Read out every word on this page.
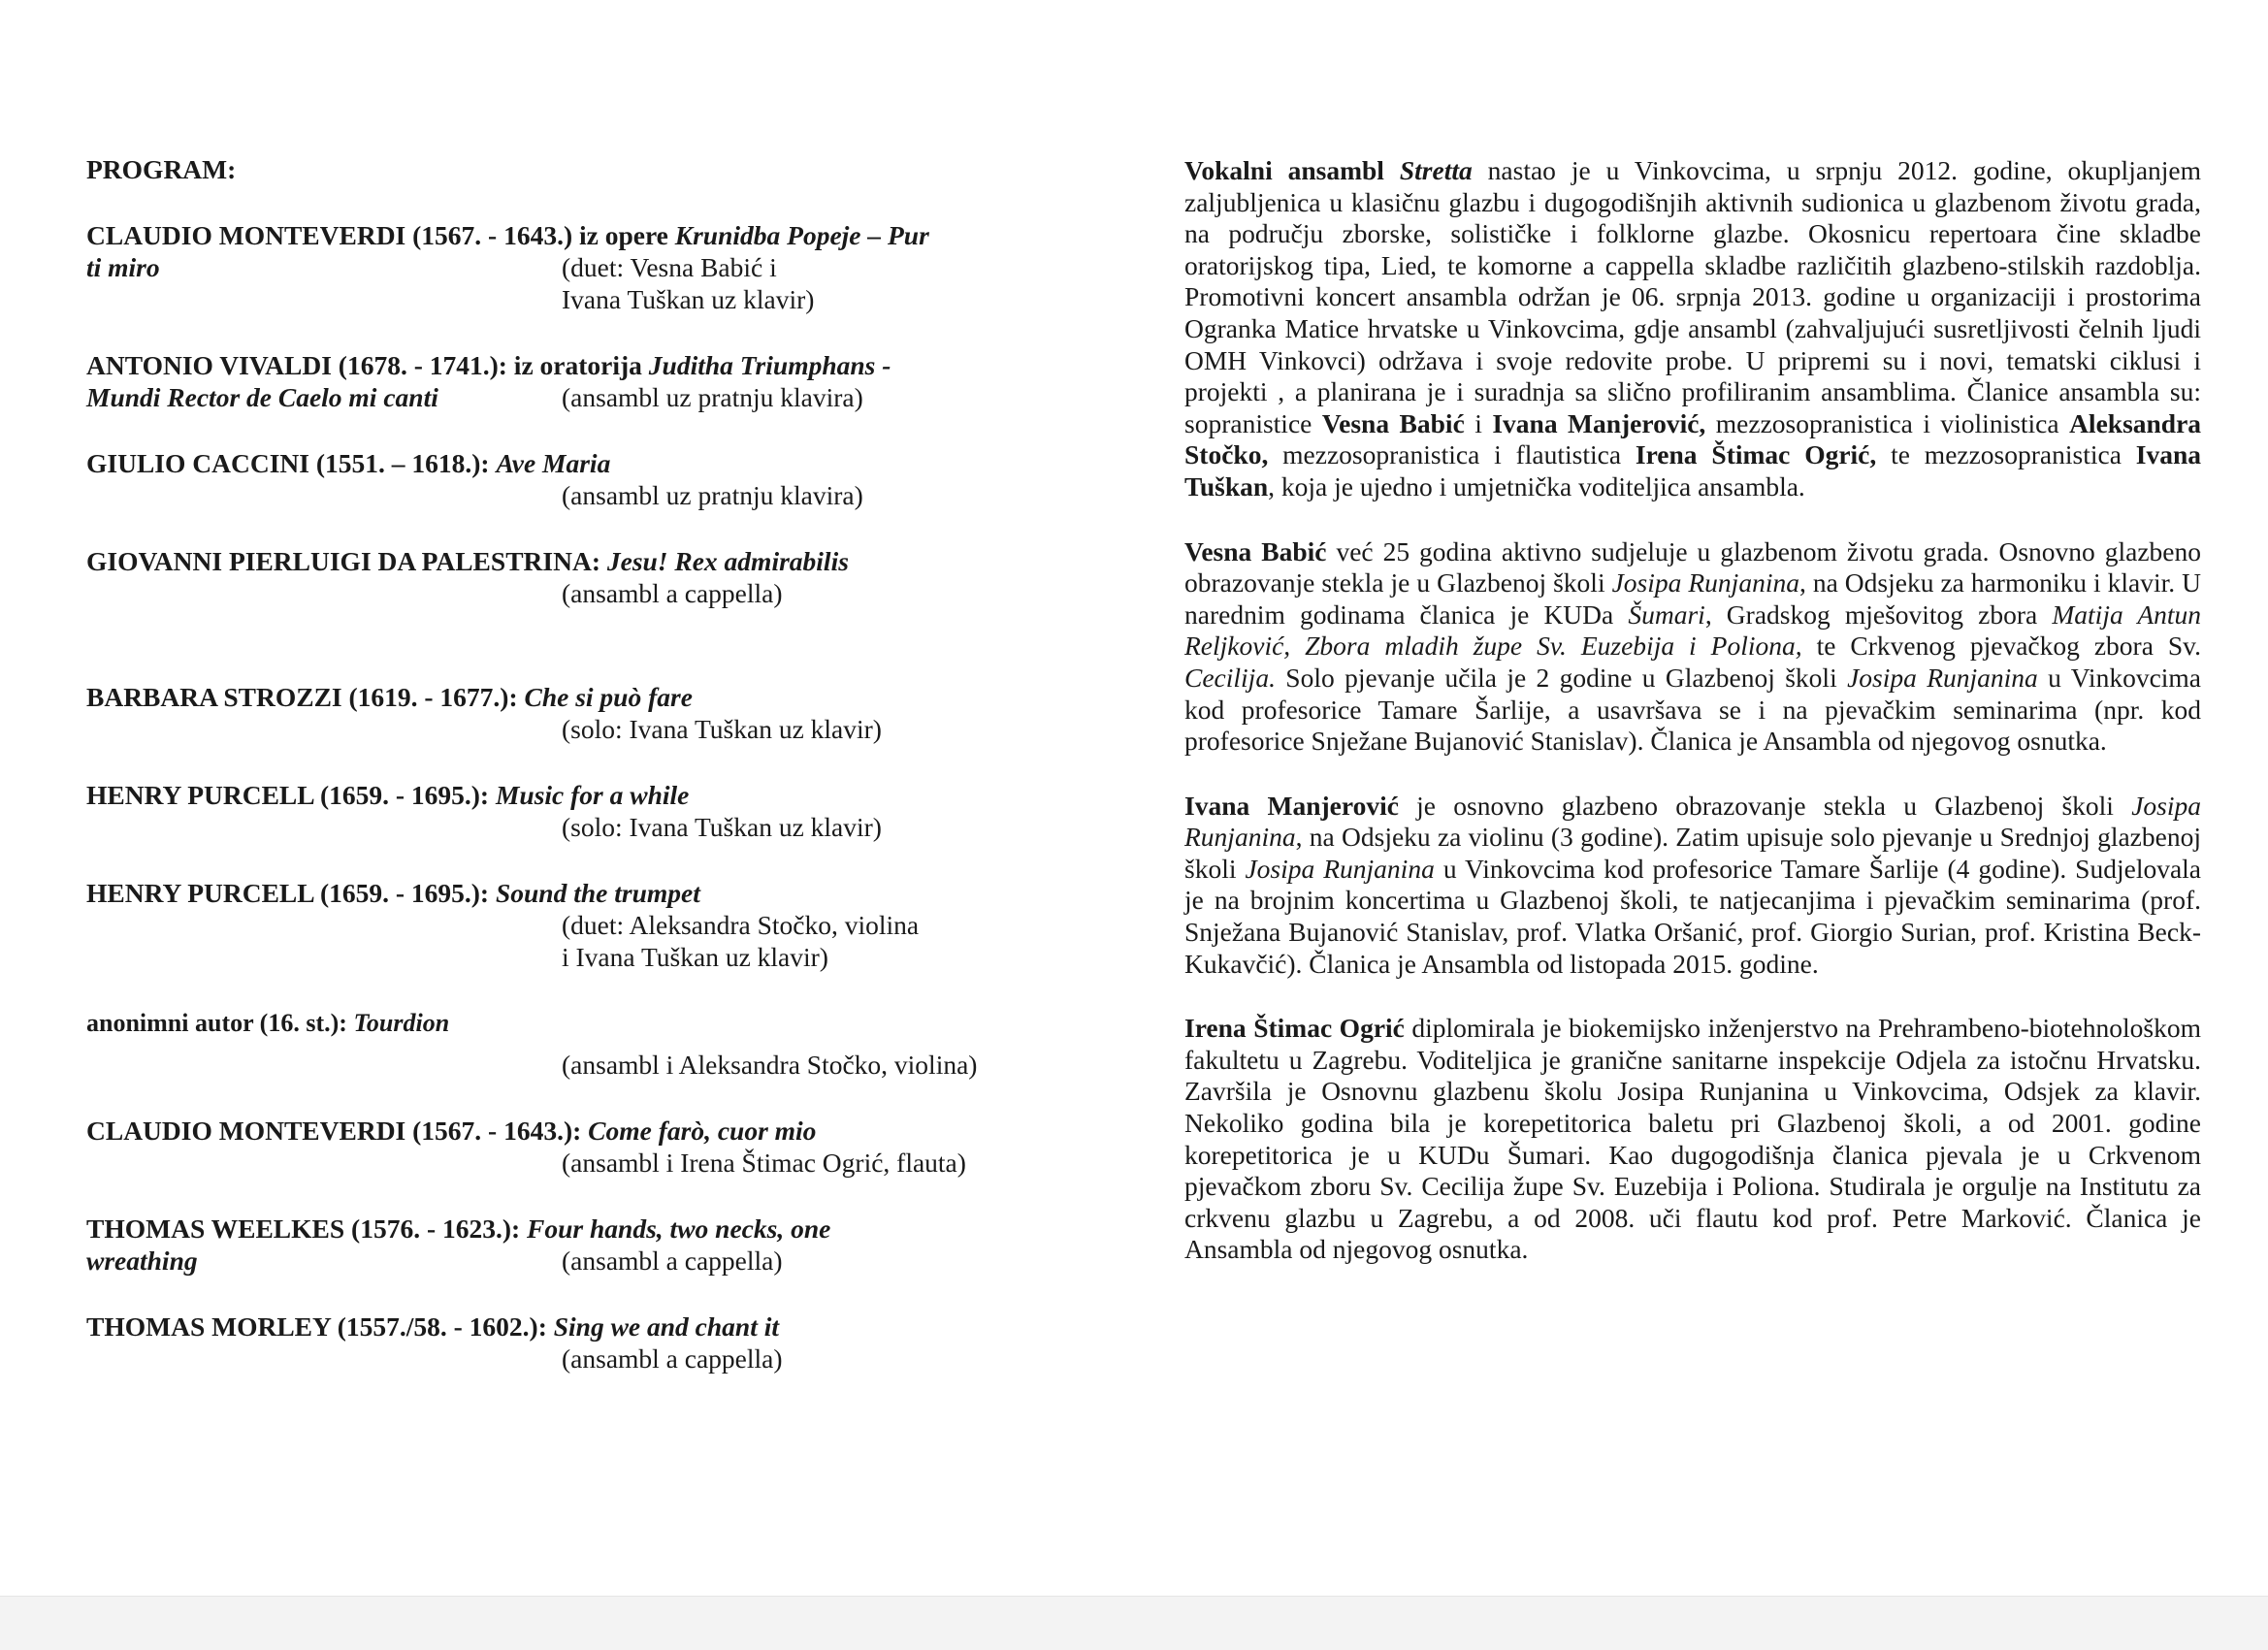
PROGRAM:
CLAUDIO MONTEVERDI (1567. - 1643.) iz opere Krunidba Popeje – Pur
ti miro	(duet: Vesna Babić i
Ivana Tuškan uz klavir)
ANTONIO VIVALDI (1678. - 1741.): iz oratorija Juditha Triumphans -
Mundi Rector de Caelo mi canti	(ansambl uz pratnju klavira)
GIULIO CACCINI (1551. – 1618.): Ave Maria
(ansambl uz pratnju klavira)
GIOVANNI PIERLUIGI DA PALESTRINA: Jesu! Rex admirabilis
(ansambl a cappella)
BARBARA STROZZI (1619. - 1677.): Che si può fare
(solo: Ivana Tuškan uz klavir)
HENRY PURCELL (1659. - 1695.): Music for a while
(solo: Ivana Tuškan uz klavir)
HENRY PURCELL (1659. - 1695.): Sound the trumpet
(duet: Aleksandra Stočko, violina
i Ivana Tuškan uz klavir)
anonimni autor (16. st.): Tourdion
(ansambl i Aleksandra Stočko, violina)
CLAUDIO MONTEVERDI (1567. - 1643.): Come farò, cuor mio
(ansambl i Irena Štimac Ogrić, flauta)
THOMAS WEELKES (1576. - 1623.): Four hands, two necks, one
wreathing	(ansambl a cappella)
THOMAS MORLEY (1557./58. - 1602.): Sing we and chant it
(ansambl a cappella)

Vokalni ansambl Stretta nastao je u Vinkovcima, u srpnju 2012. godine, okupljanjem zaljubljenica u klasičnu glazbu i dugogodišnjih aktivnih sudionica u glazbenom životu grada, na području zborske, solističke i folklorne glazbe. Okosnicu repertoara čine skladbe oratorijskog tipa, Lied, te komorne a cappella skladbe različitih glazbeno-stilskih razdoblja. Promotivni koncert ansambla održan je 06. srpnja 2013. godine u organizaciji i prostorima Ogranka Matice hrvatske u Vinkovcima, gdje ansambl (zahvaljujući susretljivosti čelnih ljudi OMH Vinkovci) održava i svoje redovite probe. U pripremi su i novi, tematski ciklusi i projekti , a planirana je i suradnja sa slično profiliranim ansamblima. Članice ansambla su: sopranistice Vesna Babić i Ivana Manjerović, mezzosopranistica i violinistica Aleksandra Stočko, mezzosopranistica i flautistica Irena Štimac Ogrić, te mezzosopranistica Ivana Tuškan, koja je ujedno i umjetnička voditeljica ansambla.

Vesna Babić već 25 godina aktivno sudjeluje u glazbenom životu grada. Osnovno glazbeno obrazovanje stekla je u Glazbenoj školi Josipa Runjanina, na Odsjeku za harmoniku i klavir. U narednim godinama članica je KUDa Šumari, Gradskog mješovitog zbora Matija Antun Reljković, Zbora mladih župe Sv. Euzebija i Poliona, te Crkvenog pjevačkog zbora Sv. Cecilija. Solo pjevanje učila je 2 godine u Glazbenoj školi Josipa Runjanina u Vinkovcima kod profesorice Tamare Šarlije, a usavršava se i na pjevačkim seminarima (npr. kod profesorice Snježane Bujanović Stanislav). Članica je Ansambla od njegovog osnutka.

Ivana Manjerović je osnovno glazbeno obrazovanje stekla u Glazbenoj školi Josipa Runjanina, na Odsjeku za violinu (3 godine). Zatim upisuje solo pjevanje u Srednjoj glazbenoj školi Josipa Runjanina u Vinkovcima kod profesorice Tamare Šarlije (4 godine). Sudjelovala je na brojnim koncertima u Glazbenoj školi, te natjecanjima i pjevačkim seminarima (prof. Snježana Bujanović Stanislav, prof. Vlatka Oršanić, prof. Giorgio Surian, prof. Kristina Beck-Kukavčić). Članica je Ansambla od listopada 2015. godine.

Irena Štimac Ogrić diplomirala je biokemijsko inženjerstvo na Prehrambeno-biotehnološkom fakultetu u Zagrebu. Voditeljica je granične sanitarne inspekcije Odjela za istočnu Hrvatsku. Završila je Osnovnu glazbenu školu Josipa Runjanina u Vinkovcima, Odsjek za klavir. Nekoliko godina bila je korepetitorica baletu pri Glazbenoj školi, a od 2001. godine korepetitorica je u KUDu Šumari. Kao dugogodišnja članica pjevala je u Crkvenom pjevačkom zboru Sv. Cecilija župe Sv. Euzebija i Poliona. Studirala je orgulje na Institutu za crkvenu glazbu u Zagrebu, a od 2008. uči flautu kod prof. Petre Marković. Članica je Ansambla od njegovog osnutka.
